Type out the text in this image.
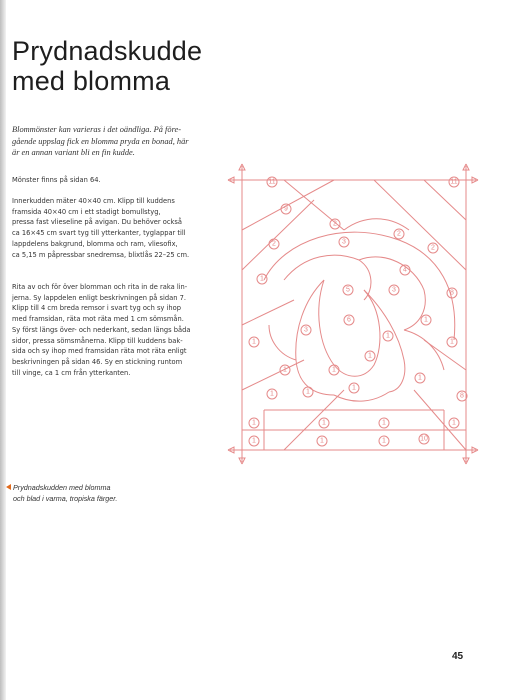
Prydnadskudde
med blomma
Blommönster kan varieras i det oändliga. På före-
gående uppslag fick en blomma pryda en bonad, här
är en annan variant bli en fin kudde.
Mönster finns på sidan 64.
Innerkudden mäter 40×40 cm. Klipp till kuddens
framsida 40×40 cm i ett stadigt bomullstyg,
pressa fast vlieseline på avigan. Du behöver också
ca 16×45 cm svart tyg till ytterkanter, tyglappar till
lappdelens bakgrund, blomma och ram, vliesofix,
ca 5,15 m påpressbar snedremsa, blixtlås 22–25 cm.
Rita av och för över blomman och rita in de raka lin-
jerna. Sy lappdelen enligt beskrivningen på sidan 7.
Klipp till 4 cm breda remsor i svart tyg och sy ihop
med framsidan, räta mot räta med 1 cm sömsmån.
Sy först längs över- och nederkant, sedan längs båda
sidor, pressa sömsmånerna. Klipp till kuddens bak-
sida och sy ihop med framsidan räta mot räta enligt
beskrivningen på sidan 46. Sy en stickning runtom
till vinge, ca 1 cm från ytterkanten.
Prydnadskudden med blomma
och blad i varma, tropiska färger.
45
11	11
9
2
2
2
2
3
3
3
4
5
6
8
8
10
1
1
1	1
1
1
1
1
1	1
1
1
1	1	1	1
1	1	1
